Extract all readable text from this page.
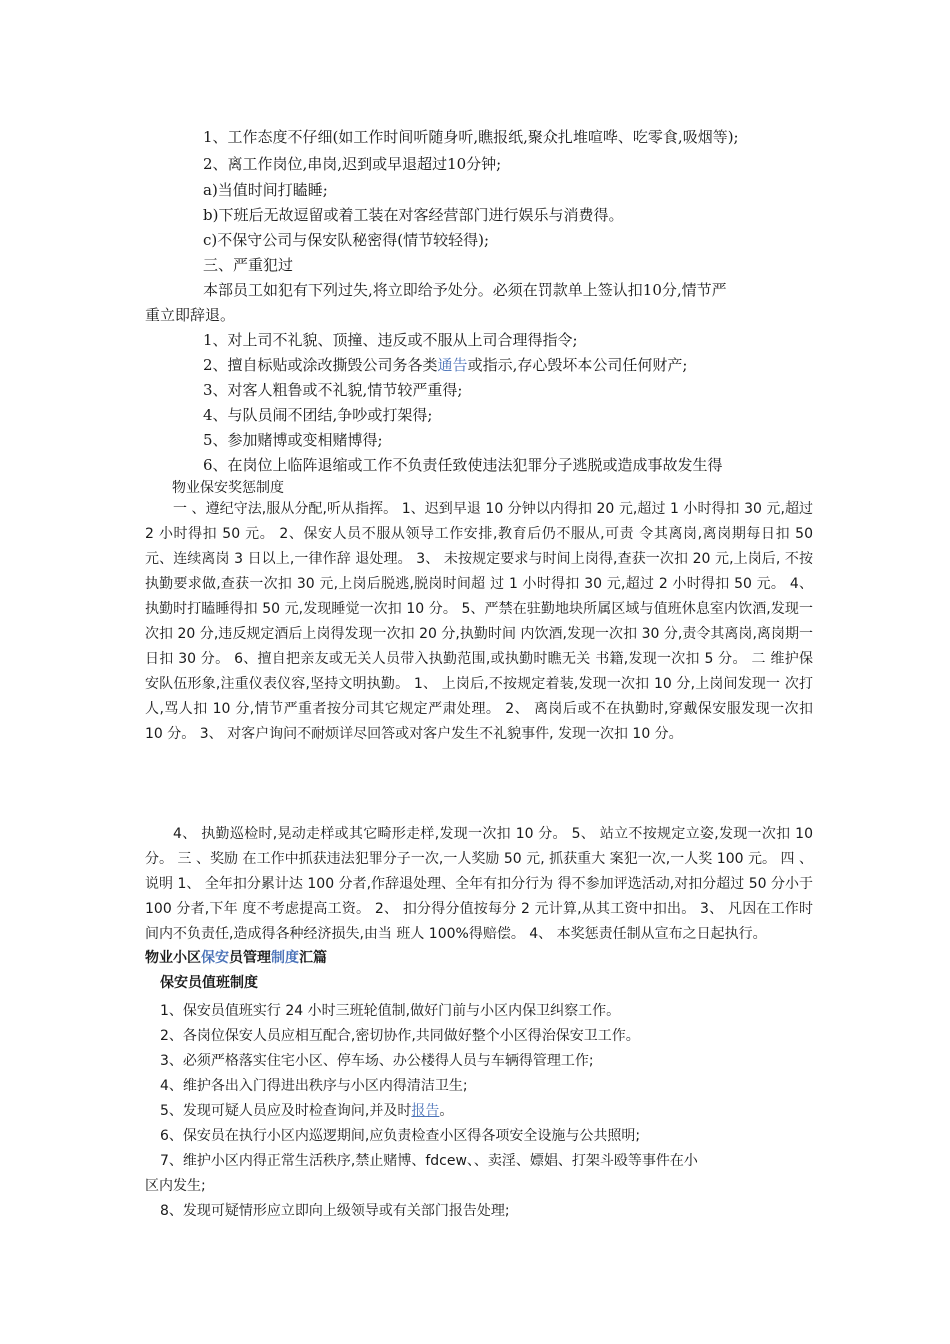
1、工作态度不仔细(如工作时间听随身听,瞧报纸,聚众扎堆喧哗、吃零食,吸烟等);
2、离工作岗位,串岗,迟到或早退超过10分钟;
a)当值时间打瞌睡;
b)下班后无故逗留或着工装在对客经营部门进行娱乐与消费得。
c)不保守公司与保安队秘密得(情节较轻得);
三、严重犯过
本部员工如犯有下列过失,将立即给予处分。必须在罚款单上签认扣10分,情节严
重立即辞退。
1、对上司不礼貌、顶撞、违反或不服从上司合理得指令;
2、擅自标贴或涂改撕毁公司务各类通告或指示,存心毁坏本公司任何财产;
3、对客人粗鲁或不礼貌,情节较严重得;
4、与队员闹不团结,争吵或打架得;
5、参加赌博或变相赌博得;
6、在岗位上临阵退缩或工作不负责任致使违法犯罪分子逃脱或造成事故发生得
物业保安奖惩制度
一 、遵纪守法,服从分配,听从指挥。 1、迟到早退 10 分钟以内得扣 20 元,超过 1 小时得扣 30 元,超过 2 小时得扣 50 元。 2、保安人员不服从领导工作安排,教育后仍不服从,可责 令其离岗,离岗期每日扣 50 元、连续离岗 3 日以上,一律作辞 退处理。 3、 未按规定要求与时间上岗得,查获一次扣 20 元,上岗后, 不按执勤要求做,查获一次扣 30 元,上岗后脱逃,脱岗时间超 过 1 小时得扣 30 元,超过 2 小时得扣 50 元。 4、执勤时打瞌睡得扣 50 元,发现睡觉一次扣 10 分。 5、严禁在驻勤地块所属区域与值班休息室内饮酒,发现一 次扣 20 分,违反规定酒后上岗得发现一次扣 20 分,执勤时间 内饮酒,发现一次扣 30 分,责令其离岗,离岗期一日扣 30 分。 6、擅自把亲友或无关人员带入执勤范围,或执勤时瞧无关 书籍,发现一次扣 5 分。 二 维护保安队伍形象,注重仪表仪容,坚持文明执勤。 1、 上岗后,不按规定着装,发现一次扣 10 分,上岗间发现一 次打人,骂人扣 10 分,情节严重者按分司其它规定严肃处理。 2、 离岗后或不在执勤时,穿戴保安服发现一次扣 10 分。 3、 对客户询问不耐烦详尽回答或对客户发生不礼貌事件, 发现一次扣 10 分。
4、 执勤巡检时,晃动走样或其它畸形走样,发现一次扣 10 分。 5、 站立不按规定立姿,发现一次扣 10 分。 三 、奖励 在工作中抓获违法犯罪分子一次,一人奖励 50 元, 抓获重大 案犯一次,一人奖 100 元。 四 、说明 1、 全年扣分累计达 100 分者,作辞退处理、全年有扣分行为 得不参加评选活动,对扣分超过 50 分小于 100 分者,下年 度不考虑提高工资。 2、 扣分得分值按每分 2 元计算,从其工资中扣出。 3、 凡因在工作时间内不负责任,造成得各种经济损失,由当 班人 100%得赔偿。 4、 本奖惩责任制从宣布之日起执行。
物业小区保安员管理制度汇篇
保安员值班制度
1、保安员值班实行 24 小时三班轮值制,做好门前与小区内保卫纠察工作。
2、各岗位保安人员应相互配合,密切协作,共同做好整个小区得治保安卫工作。
3、必须严格落实住宅小区、停车场、办公楼得人员与车辆得管理工作;
4、维护各出入门得进出秩序与小区内得清洁卫生;
5、发现可疑人员应及时检查询问,并及时报告。
6、保安员在执行小区内巡逻期间,应负责检查小区得各项安全设施与公共照明;
7、维护小区内得正常生活秩序,禁止赌博、fdcew、、卖淫、嫖娼、打架斗殴等事件在小
区内发生;
8、发现可疑情形应立即向上级领导或有关部门报告处理;
